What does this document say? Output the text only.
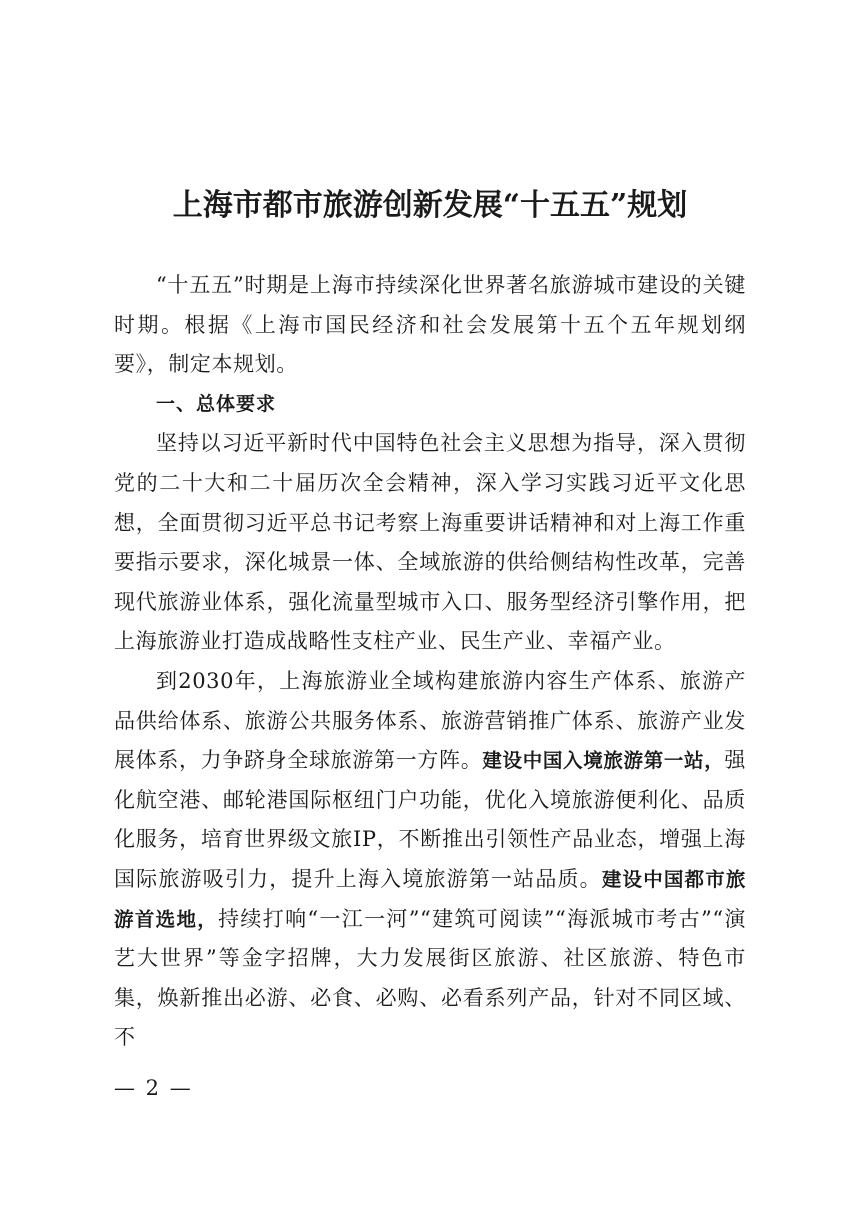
上海市都市旅游创新发展“十五五”规划

“十五五”时期是上海市持续深化世界著名旅游城市建设的关键时期。根据《上海市国民经济和社会发展第十五个五年规划纲要》，制定本规划。

一、总体要求

坚持以习近平新时代中国特色社会主义思想为指导，深入贯彻党的二十大和二十届历次全会精神，深入学习实践习近平文化思想，全面贯彻习近平总书记考察上海重要讲话精神和对上海工作重要指示要求，深化城景一体、全域旅游的供给侧结构性改革，完善现代旅游业体系，强化流量型城市入口、服务型经济引擎作用，把上海旅游业打造成战略性支柱产业、民生产业、幸福产业。

到2030年，上海旅游业全域构建旅游内容生产体系、旅游产品供给体系、旅游公共服务体系、旅游营销推广体系、旅游产业发展体系，力争跻身全球旅游第一方阵。建设中国入境旅游第一站，强化航空港、邮轮港国际枢纽门户功能，优化入境旅游便利化、品质化服务，培育世界级文旅IP，不断推出引领性产品业态，增强上海国际旅游吸引力，提升上海入境旅游第一站品质。建设中国都市旅游首选地，持续打响“一江一河”“建筑可阅读”“海派城市考古”“演艺大世界”等金字招牌，大力发展街区旅游、社区旅游、特色市集，焕新推出必游、必食、必购、必看系列产品，针对不同区域、不

— 2 —
